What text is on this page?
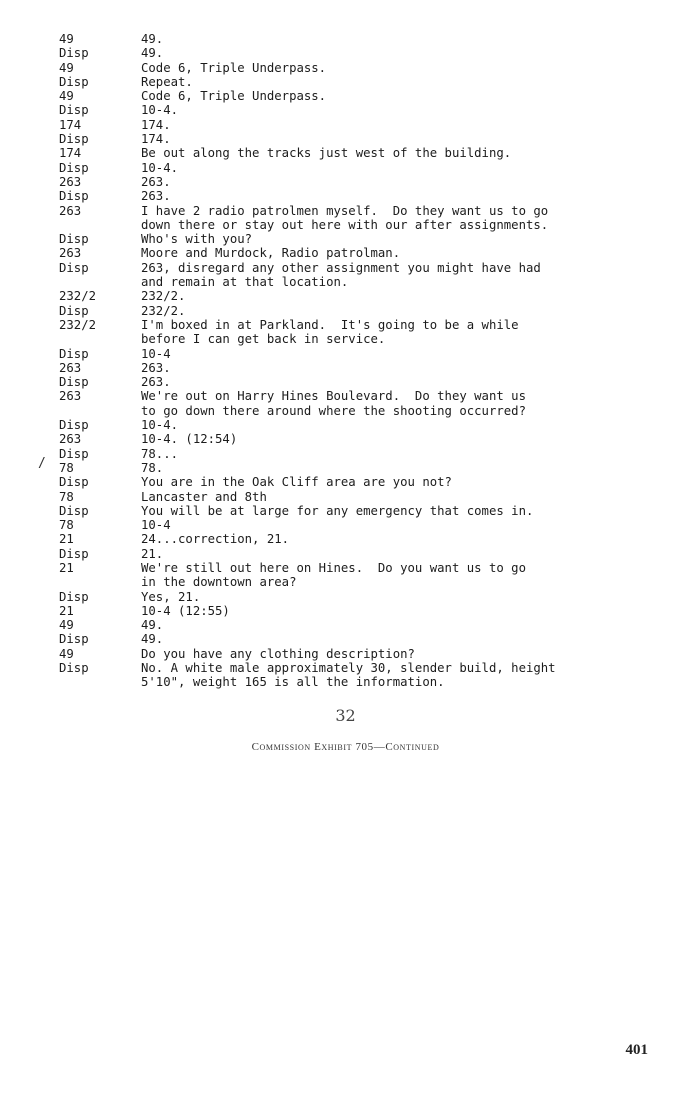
49	49.
Disp	49.
49	Code 6, Triple Underpass.
Disp	Repeat.
49	Code 6, Triple Underpass.
Disp	10-4.
174	174.
Disp	174.
174	Be out along the tracks just west of the building.
Disp	10-4.
263	263.
Disp	263.
263	I have 2 radio patrolmen myself.  Do they want us to go
down there or stay out here with our after assignments.
Disp	Who's with you?
263	Moore and Murdock, Radio patrolman.
Disp	263, disregard any other assignment you might have had
and remain at that location.
232/2	232/2.
Disp	232/2.
232/2	I'm boxed in at Parkland.  It's going to be a while
before I can get back in service.
Disp	10-4
263	263.
Disp	263.
263	We're out on Harry Hines Boulevard.  Do they want us
to go down there around where the shooting occurred?
Disp	10-4.
263	10-4. (12:54)
Disp	78...
78	78.
Disp	You are in the Oak Cliff area are you not?
78	Lancaster and 8th
Disp	You will be at large for any emergency that comes in.
78	10-4
21	24...correction, 21.
Disp	21.
21	We're still out here on Hines.  Do you want us to go
in the downtown area?
Disp	Yes, 21.
21	10-4 (12:55)
49	49.
Disp	49.
49	Do you have any clothing description?
Disp	No. A white male approximately 30, slender build, height
5'10", weight 165 is all the information.
/
32
Commission Exhibit 705—Continued
401
